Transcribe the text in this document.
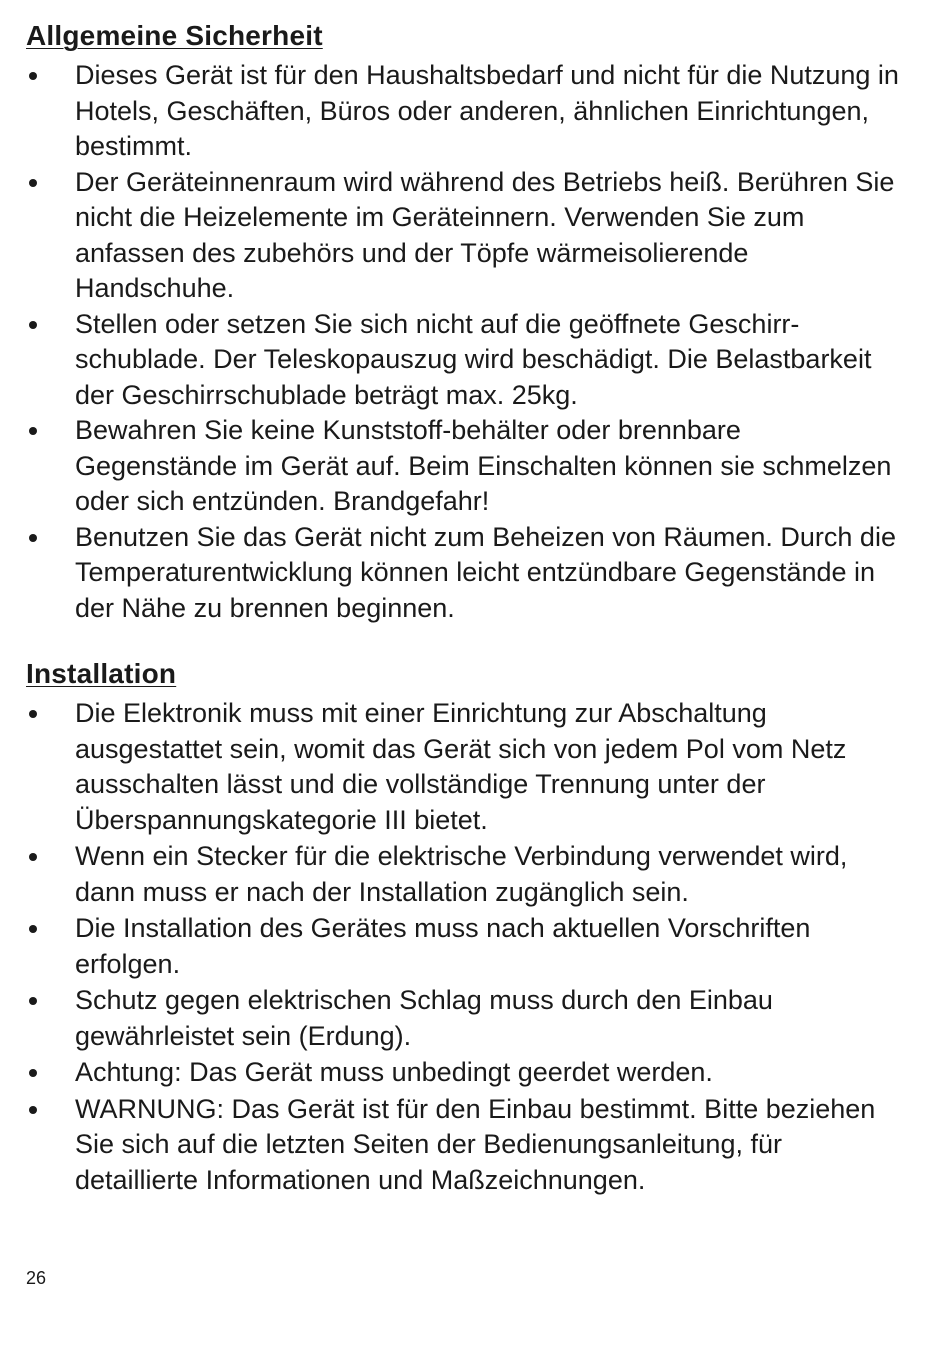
Allgemeine Sicherheit
Dieses Gerät ist für den Haushaltsbedarf und nicht für die Nutzung in Hotels, Geschäften, Büros oder anderen, ähnlichen Einrichtungen, bestimmt.
Der Geräteinnenraum wird während des Betriebs heiß. Berühren Sie nicht die Heizelemente im Geräteinnern. Verwenden Sie zum anfassen des zubehörs und der Töpfe wärmeisolierende Handschuhe.
Stellen oder setzen Sie sich nicht auf die geöffnete Geschirr-schublade. Der Teleskopauszug wird beschädigt. Die Belastbarkeit der Geschirrschublade beträgt max. 25kg.
Bewahren Sie keine Kunststoff-behälter oder brennbare Gegenstände im Gerät auf. Beim Einschalten können sie schmelzen oder sich entzünden. Brandgefahr!
Benutzen Sie das Gerät nicht zum Beheizen von Räumen. Durch die Temperaturentwicklung können leicht entzündbare Gegenstände in der Nähe zu brennen beginnen.
Installation
Die Elektronik muss mit einer Einrichtung zur Abschaltung ausgestattet sein, womit das Gerät sich von jedem Pol vom Netz ausschalten lässt und die vollständige Trennung unter der Überspannungskategorie III bietet.
Wenn ein Stecker für die elektrische Verbindung verwendet wird, dann muss er nach der Installation zugänglich sein.
Die Installation des Gerätes muss nach aktuellen Vorschriften erfolgen.
Schutz gegen elektrischen Schlag muss durch den Einbau gewährleistet sein (Erdung).
Achtung: Das Gerät muss unbedingt geerdet werden.
WARNUNG: Das Gerät ist für den Einbau bestimmt. Bitte beziehen Sie sich auf die letzten Seiten der Bedienungsanleitung, für detaillierte Informationen und Maßzeichnungen.
26
